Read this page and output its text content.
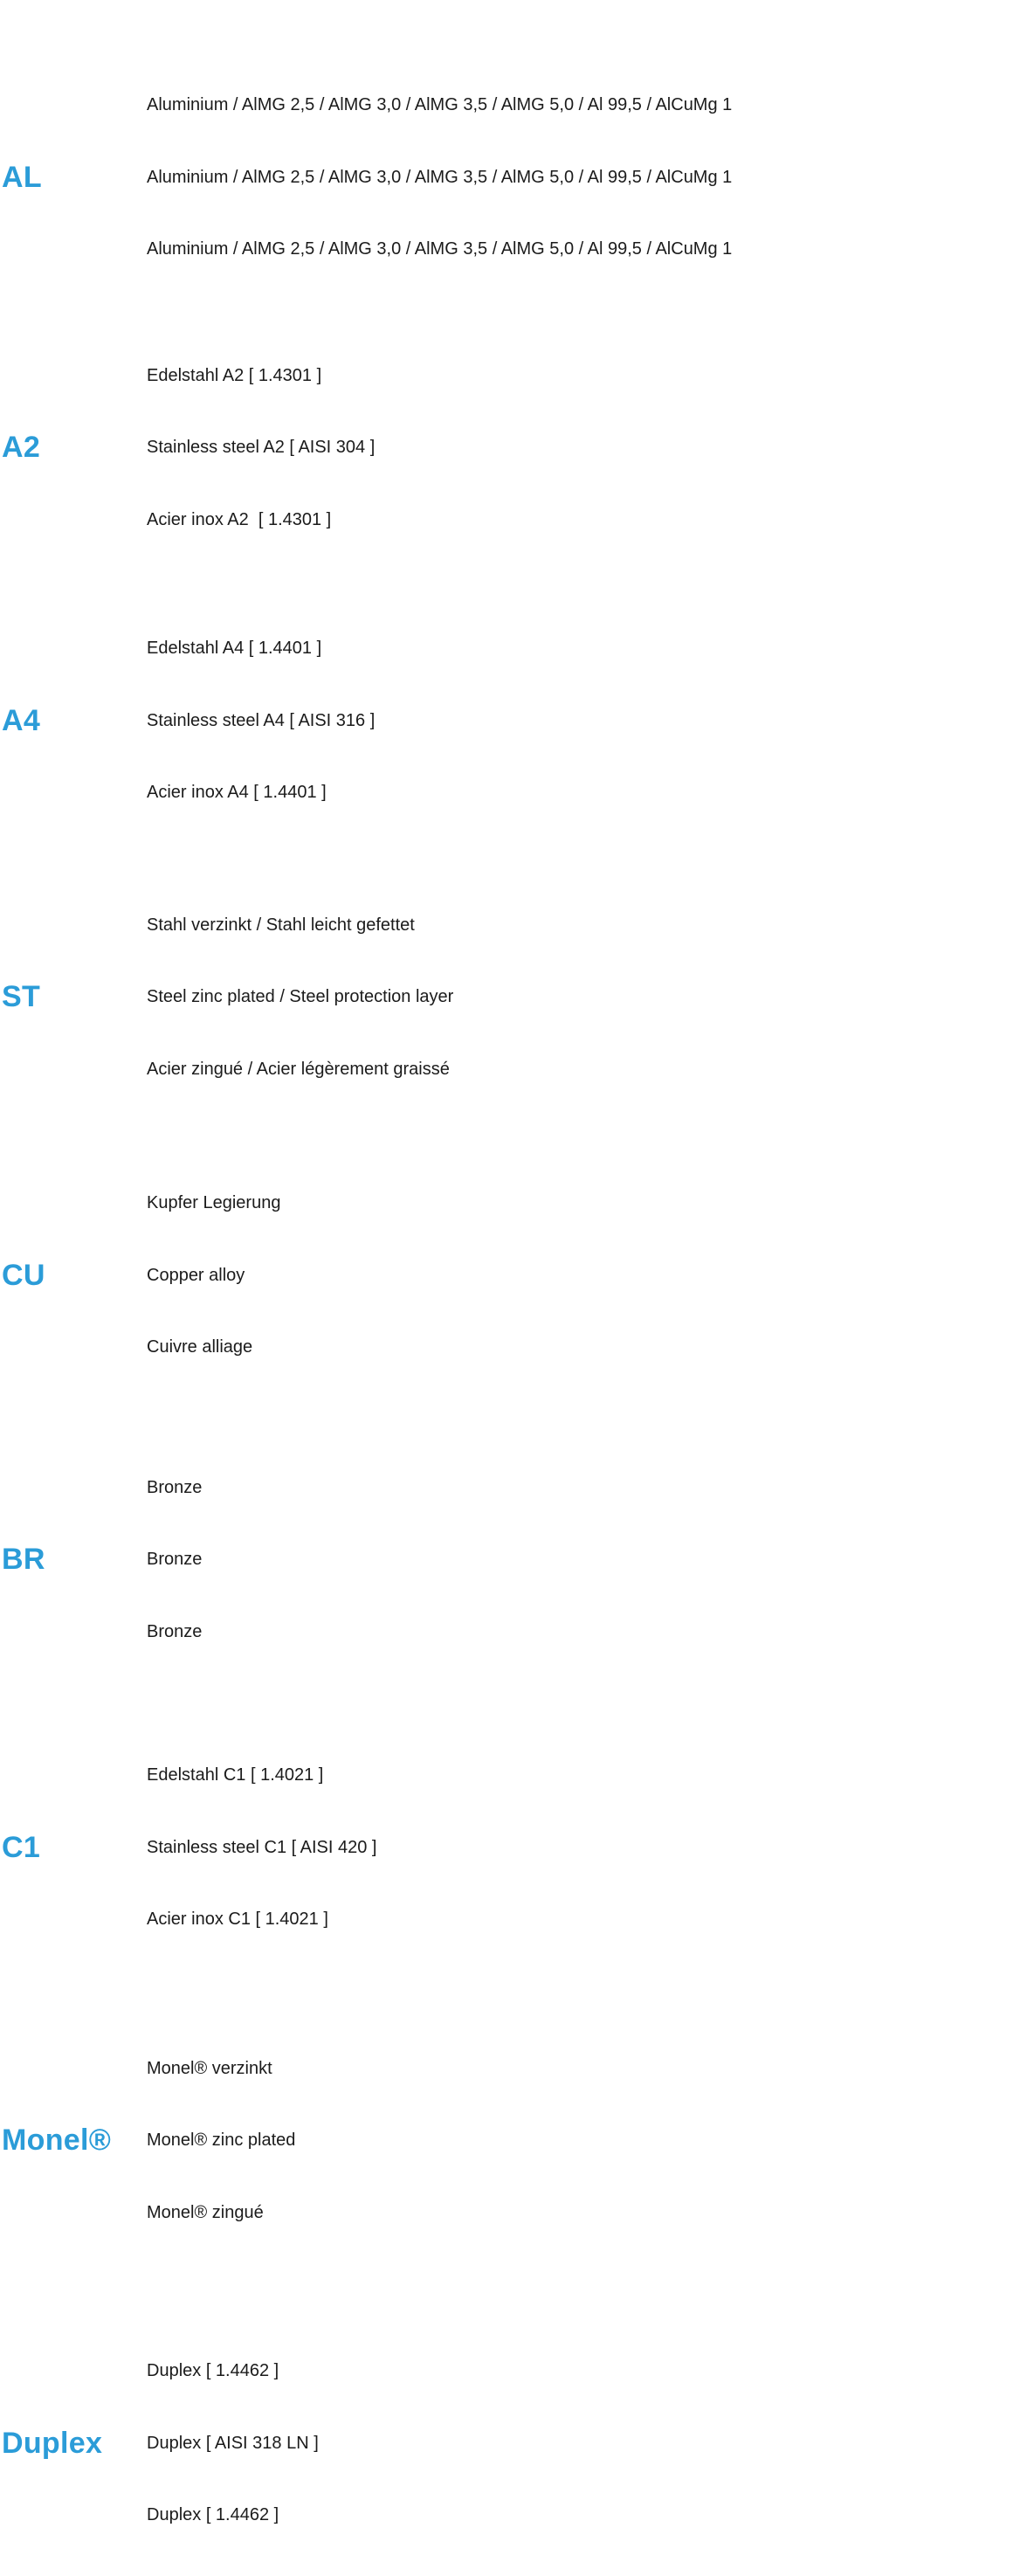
AL

Aluminium / AlMG 2,5 / AlMG 3,0 / AlMG 3,5 / AlMG 5,0 / Al 99,5 / AlCuMg 1

Aluminium / AlMG 2,5 / AlMG 3,0 / AlMG 3,5 / AlMG 5,0 / Al 99,5 / AlCuMg 1

Aluminium / AlMG 2,5 / AlMG 3,0 / AlMG 3,5 / AlMG 5,0 / Al 99,5 / AlCuMg 1

A2

Edelstahl A2 [ 1.4301 ]

Stainless steel A2 [ AISI 304 ]

Acier inox A2  [ 1.4301 ]

A4

Edelstahl A4 [ 1.4401 ]

Stainless steel A4 [ AISI 316 ]

Acier inox A4 [ 1.4401 ]

ST

Stahl verzinkt / Stahl leicht gefettet

Steel zinc plated / Steel protection layer

Acier zingué / Acier légèrement graissé

CU

Kupfer Legierung

Copper alloy

Cuivre alliage

BR

Bronze

Bronze

Bronze

C1

Edelstahl C1 [ 1.4021 ]

Stainless steel C1 [ AISI 420 ]

Acier inox C1 [ 1.4021 ]

Monel®

Monel® verzinkt

Monel® zinc plated

Monel® zingué

Duplex

Duplex [ 1.4462 ]

Duplex [ AISI 318 LN ]

Duplex [ 1.4462 ]
